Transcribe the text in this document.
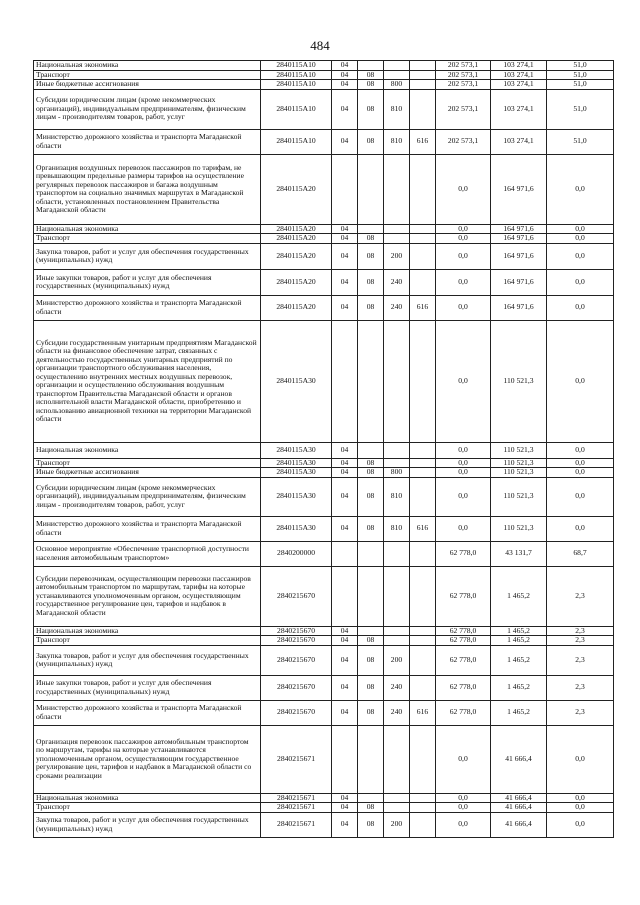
484
Национальная экономика	2840115А10	04				202 573,1	103 274,1	51,0
Транспорт	2840115А10	04	08			202 573,1	103 274,1	51,0
Иные бюджетные ассигнования	2840115А10	04	08	800		202 573,1	103 274,1	51,0
Субсидии юридическим лицам (кроме некоммерческих организаций), индивидуальным предпринимателям, физическим лицам - производителям товаров, работ, услуг	2840115А10	04	08	810		202 573,1	103 274,1	51,0
Министерство дорожного хозяйства и транспорта Магаданской области	2840115А10	04	08	810	616	202 573,1	103 274,1	51,0
Организация воздушных перевозок пассажиров по тарифам, не превышающим предельные размеры тарифов на осуществление регулярных перевозок пассажиров и багажа воздушным транспортом на социально значимых маршрутах в Магаданской области, установленных постановлением Правительства Магаданской области	2840115А20					0,0	164 971,6	0,0
Национальная экономика	2840115А20	04				0,0	164 971,6	0,0
Транспорт	2840115А20	04	08			0,0	164 971,6	0,0
Закупка товаров, работ и услуг для обеспечения государственных (муниципальных) нужд	2840115А20	04	08	200		0,0	164 971,6	0,0
Иные закупки товаров, работ и услуг для обеспечения государственных (муниципальных) нужд	2840115А20	04	08	240		0,0	164 971,6	0,0
Министерство дорожного хозяйства и транспорта Магаданской области	2840115А20	04	08	240	616	0,0	164 971,6	0,0
Субсидии государственным унитарным предприятиям Магаданской области на финансовое обеспечение затрат, связанных с деятельностью государственных унитарных предприятий по организации транспортного обслуживания населения, осуществлению внутренних местных воздушных перевозок, организации и осуществлению обслуживания воздушным транспортом Правительства Магаданской области и органов исполнительной власти Магаданской области, приобретению и использованию авиационной техники на территории Магаданской области	2840115А30					0,0	110 521,3	0,0
Национальная экономика	2840115А30	04				0,0	110 521,3	0,0
Транспорт	2840115А30	04	08			0,0	110 521,3	0,0
Иные бюджетные ассигнования	2840115А30	04	08	800		0,0	110 521,3	0,0
Субсидии юридическим лицам (кроме некоммерческих организаций), индивидуальным предпринимателям, физическим лицам - производителям товаров, работ, услуг	2840115А30	04	08	810		0,0	110 521,3	0,0
Министерство дорожного хозяйства и транспорта Магаданской области	2840115А30	04	08	810	616	0,0	110 521,3	0,0
Основное мероприятие «Обеспечение транспортной доступности населения автомобильным транспортом»	2840200000					62 778,0	43 131,7	68,7
Субсидии перевозчикам, осуществляющим перевозки пассажиров автомобильным транспортом по маршрутам, тарифы на которые устанавливаются уполномоченным органом, осуществляющим государственное регулирование цен, тарифов и надбавок в Магаданской области	2840215670					62 778,0	1 465,2	2,3
Национальная экономика	2840215670	04				62 778,0	1 465,2	2,3
Транспорт	2840215670	04	08			62 778,0	1 465,2	2,3
Закупка товаров, работ и услуг для обеспечения государственных (муниципальных) нужд	2840215670	04	08	200		62 778,0	1 465,2	2,3
Иные закупки товаров, работ и услуг для обеспечения государственных (муниципальных) нужд	2840215670	04	08	240		62 778,0	1 465,2	2,3
Министерство дорожного хозяйства и транспорта Магаданской области	2840215670	04	08	240	616	62 778,0	1 465,2	2,3
Организация перевозок пассажиров автомобильным транспортом по маршрутам, тарифы на которые устанавливаются уполномоченным органом, осуществляющим государственное регулирование цен, тарифов и надбавок в Магаданской области со сроками реализации	2840215671					0,0	41 666,4	0,0
Национальная экономика	2840215671	04				0,0	41 666,4	0,0
Транспорт	2840215671	04	08			0,0	41 666,4	0,0
Закупка товаров, работ и услуг для обеспечения государственных (муниципальных) нужд	2840215671	04	08	200		0,0	41 666,4	0,0
